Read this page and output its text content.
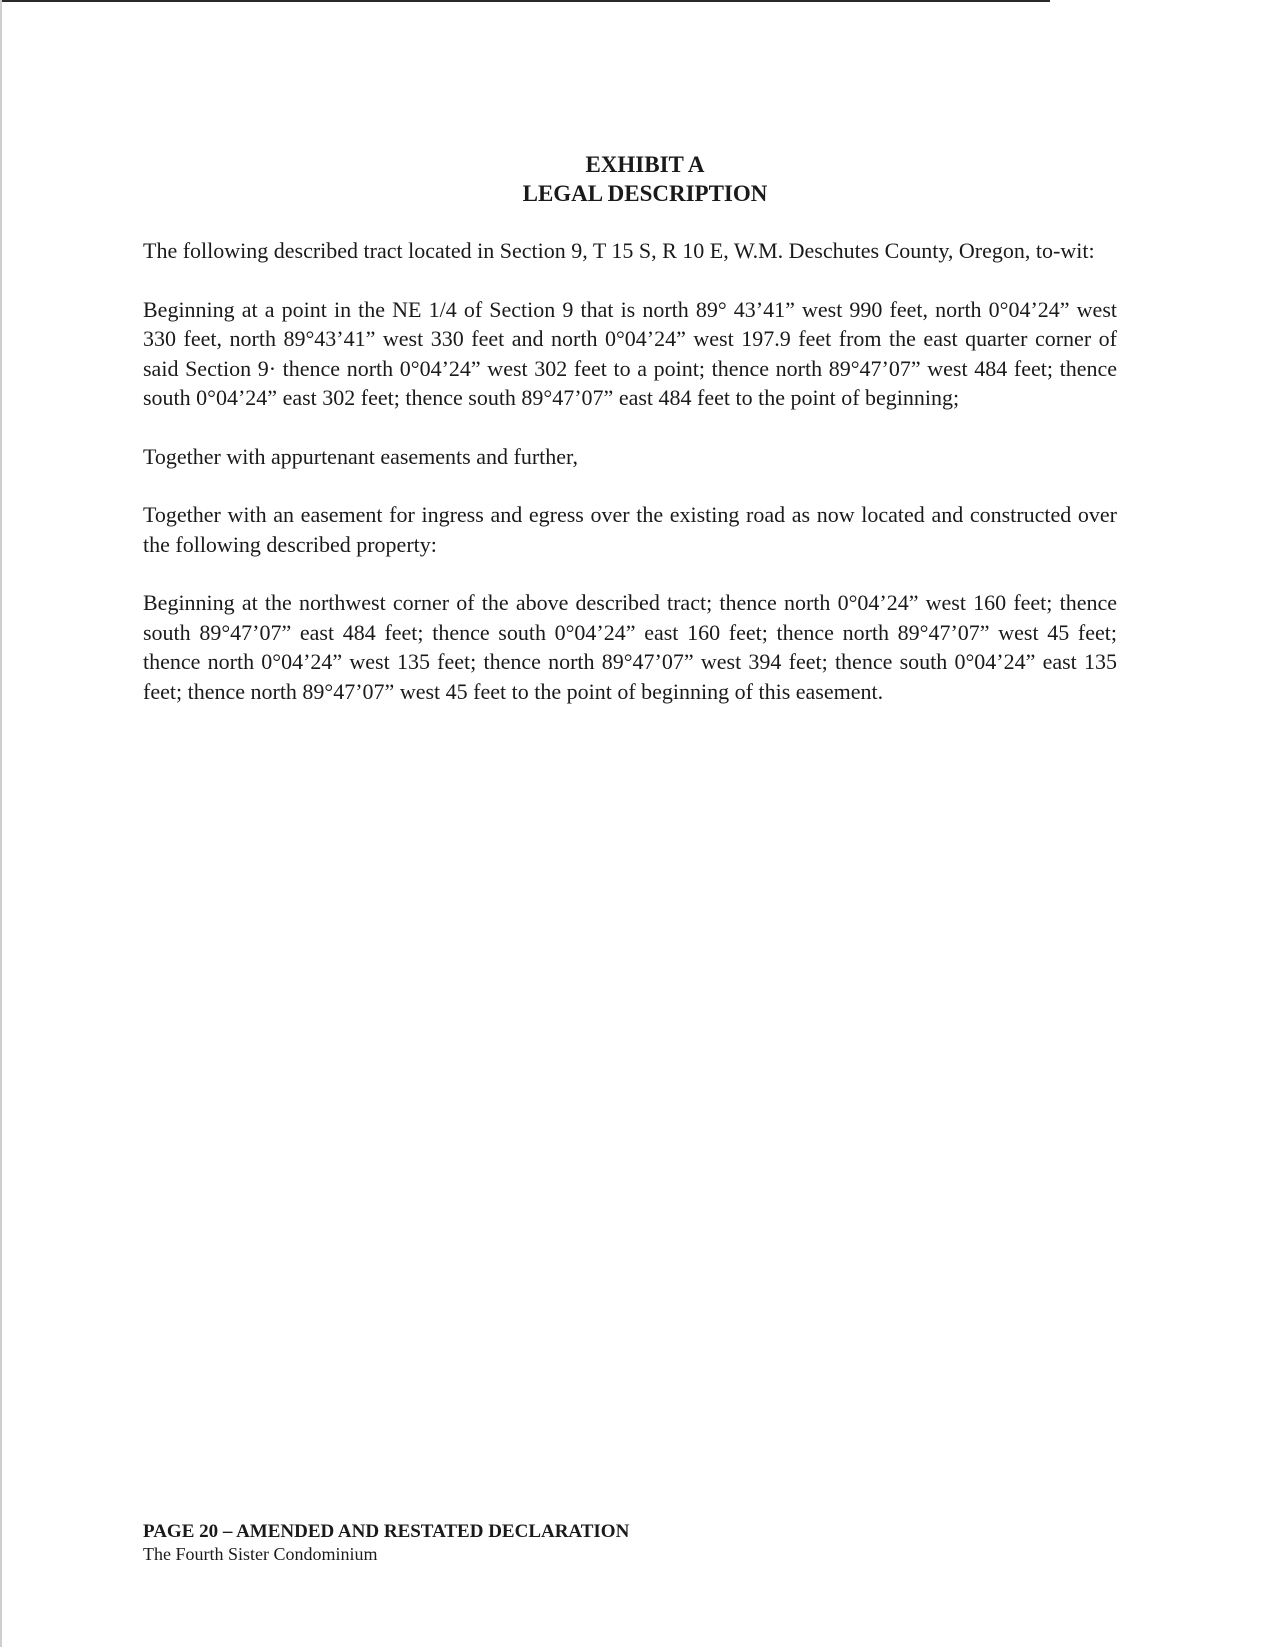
EXHIBIT A
LEGAL DESCRIPTION

The following described tract located in Section 9, T 15 S, R 10 E, W.M. Deschutes County, Oregon, to-wit:

Beginning at a point in the NE 1/4 of Section 9 that is north 89° 43’41” west 990 feet, north 0°04’24” west 330 feet, north 89°43’41” west 330 feet and north 0°04’24” west 197.9 feet from the east quarter corner of said Section 9· thence north 0°04’24” west 302 feet to a point; thence north 89°47’07” west 484 feet; thence south 0°04’24” east 302 feet; thence south 89°47’07” east 484 feet to the point of beginning;

Together with appurtenant easements and further,

Together with an easement for ingress and egress over the existing road as now located and constructed over the following described property:

Beginning at the northwest corner of the above described tract; thence north 0°04’24” west 160 feet; thence south 89°47’07” east 484 feet; thence south 0°04’24” east 160 feet; thence north 89°47’07” west 45 feet; thence north 0°04’24” west 135 feet; thence north 89°47’07” west 394 feet; thence south 0°04’24” east 135 feet; thence north 89°47’07” west 45 feet to the point of beginning of this easement.

PAGE 20 – AMENDED AND RESTATED DECLARATION
The Fourth Sister Condominium
